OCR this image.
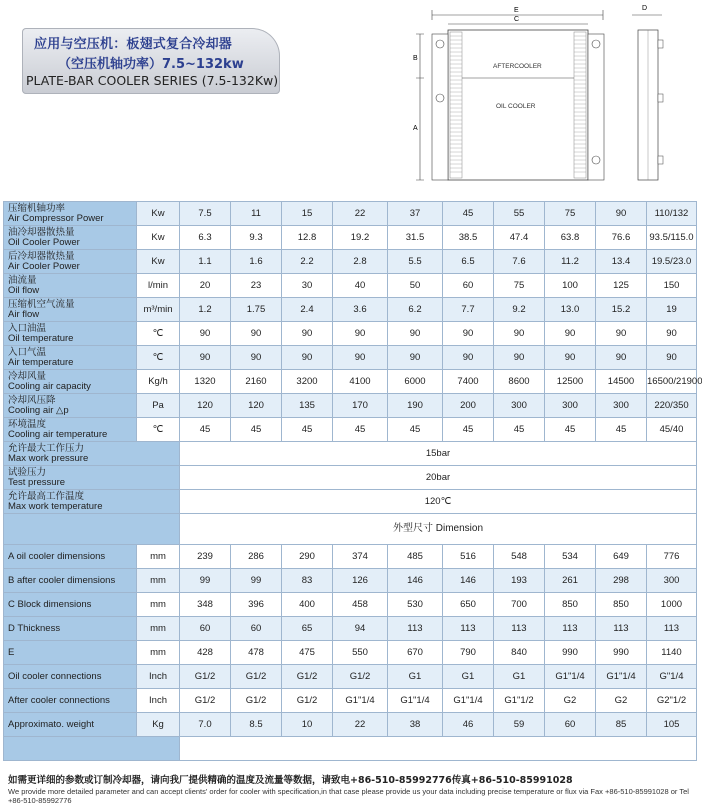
应用与空压机：板翅式复合冷却器
（空压机轴功率）7.5~132kw
PLATE-BAR COOLER SERIES (7.5-132Kw)
E
C
AFTERCOOLER
OIL COOLER
B
A
D
压缩机轴功率
Air Compressor Power	Kw	7.5	11	15	22	37	45	55	75	90	110/132

油冷却器散热量
Oil Cooler Power	Kw	6.3	9.3	12.8	19.2	31.5	38.5	47.4	63.8	76.6	93.5/115.0

后冷却器散热量
Air Cooler Power	Kw	1.1	1.6	2.2	2.8	5.5	6.5	7.6	11.2	13.4	19.5/23.0

油流量
Oil flow	l/min	20	23	30	40	50	60	75	100	125	150

压缩机空气流量
Air flow	m³/min	1.2	1.75	2.4	3.6	6.2	7.7	9.2	13.0	15.2	19

入口油温
Oil temperature	℃	90	90	90	90	90	90	90	90	90	90

入口气温
Air temperature	℃	90	90	90	90	90	90	90	90	90	90

冷却风量
Cooling air capacity	Kg/h	1320	2160	3200	4100	6000	7400	8600	12500	14500	16500/21900

冷却风压降
Cooling air △p	Pa	120	120	135	170	190	200	300	300	300	220/350

环境温度
Cooling air temperature	℃	45	45	45	45	45	45	45	45	45	45/40

允许最大工作压力
Max work pressure		15bar									

试验压力
Test pressure		20bar									

允许最高工作温度
Max work temperature		120℃									
		外型尺寸 Dimension									
A oil cooler dimensions	mm	239	286	290	374	485	516	548	534	649	776
B after cooler dimensions	mm	99	99	83	126	146	146	193	261	298	300
C Block dimensions	mm	348	396	400	458	530	650	700	850	850	1000
D Thickness	mm	60	60	65	94	113	113	113	113	113	113
E	mm	428	478	475	550	670	790	840	990	990	1140
Oil cooler connections	Inch	G1/2	G1/2	G1/2	G1/2	G1	G1	G1	G1"1/4	G1"1/4	G"1/4
After cooler connections	Inch	G1/2	G1/2	G1/2	G1"1/4	G1"1/4	G1"1/4	G1"1/2	G2	G2	G2"1/2
Approximato. weight	Kg	7.0	8.5	10	22	38	46	59	60	85	105

如需更详细的参数或订制冷却器，请向我厂提供精确的温度及流量等数据，请致电+86-510-85992776传真+86-510-85991028
We provide more detailed parameter and can accept clients' order for cooler with specification,in that case please provide us your data including precise temperature or flux via Fax +86-510-85991028 or Tel +86-510-85992776
